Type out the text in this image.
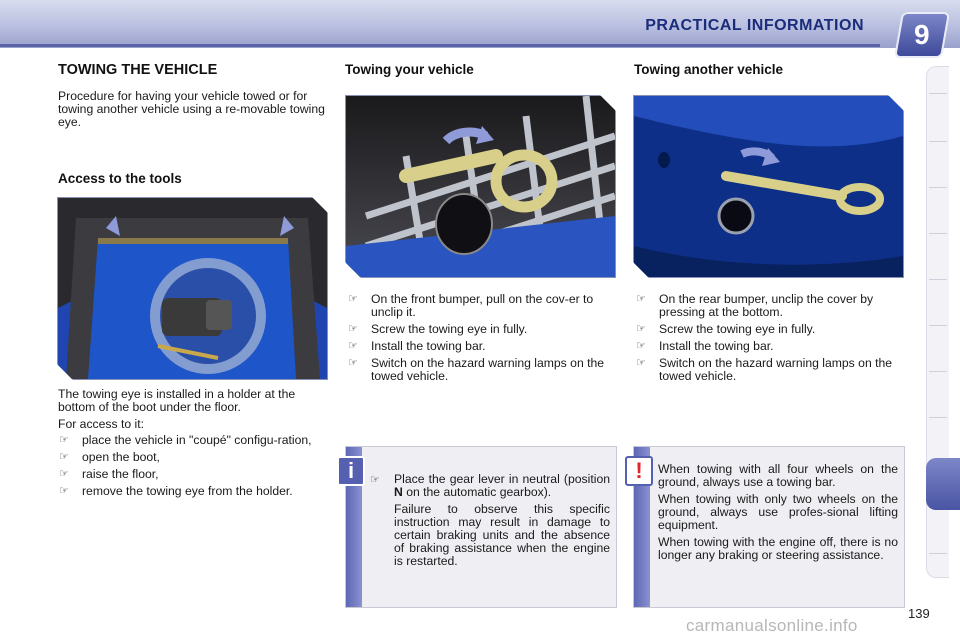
PRACTICAL INFORMATION 9
TOWING THE VEHICLE

Procedure for having your vehicle towed or for towing another vehicle using a re-movable towing eye.

Access to the tools

The towing eye is installed in a holder at the bottom of the boot under the floor.

For access to it:

☞ place the vehicle in "coupé" configu-ration,
☞ open the boot,
☞ raise the floor,
☞ remove the towing eye from the holder.
Towing your vehicle
☞ On the front bumper, pull on the cov-er to unclip it.
☞ Screw the towing eye in fully.
☞ Install the towing bar.
☞ Switch on the hazard warning lamps on the towed vehicle.
☞ Place the gear lever in neutral (position N on the automatic gearbox).

Failure to observe this specific instruction may result in damage to certain braking units and the absence of braking assistance when the engine is restarted.

i
Towing another vehicle
☞ On the rear bumper, unclip the cover by pressing at the bottom.
☞ Screw the towing eye in fully.
☞ Install the towing bar.
☞ Switch on the hazard warning lamps on the towed vehicle.

When towing with all four wheels on the ground, always use a towing bar.

When towing with only two wheels on the ground, always use profes-sional lifting equipment.

When towing with the engine off, there is no longer any braking or steering assistance.

!
139
carmanualsonline.info
